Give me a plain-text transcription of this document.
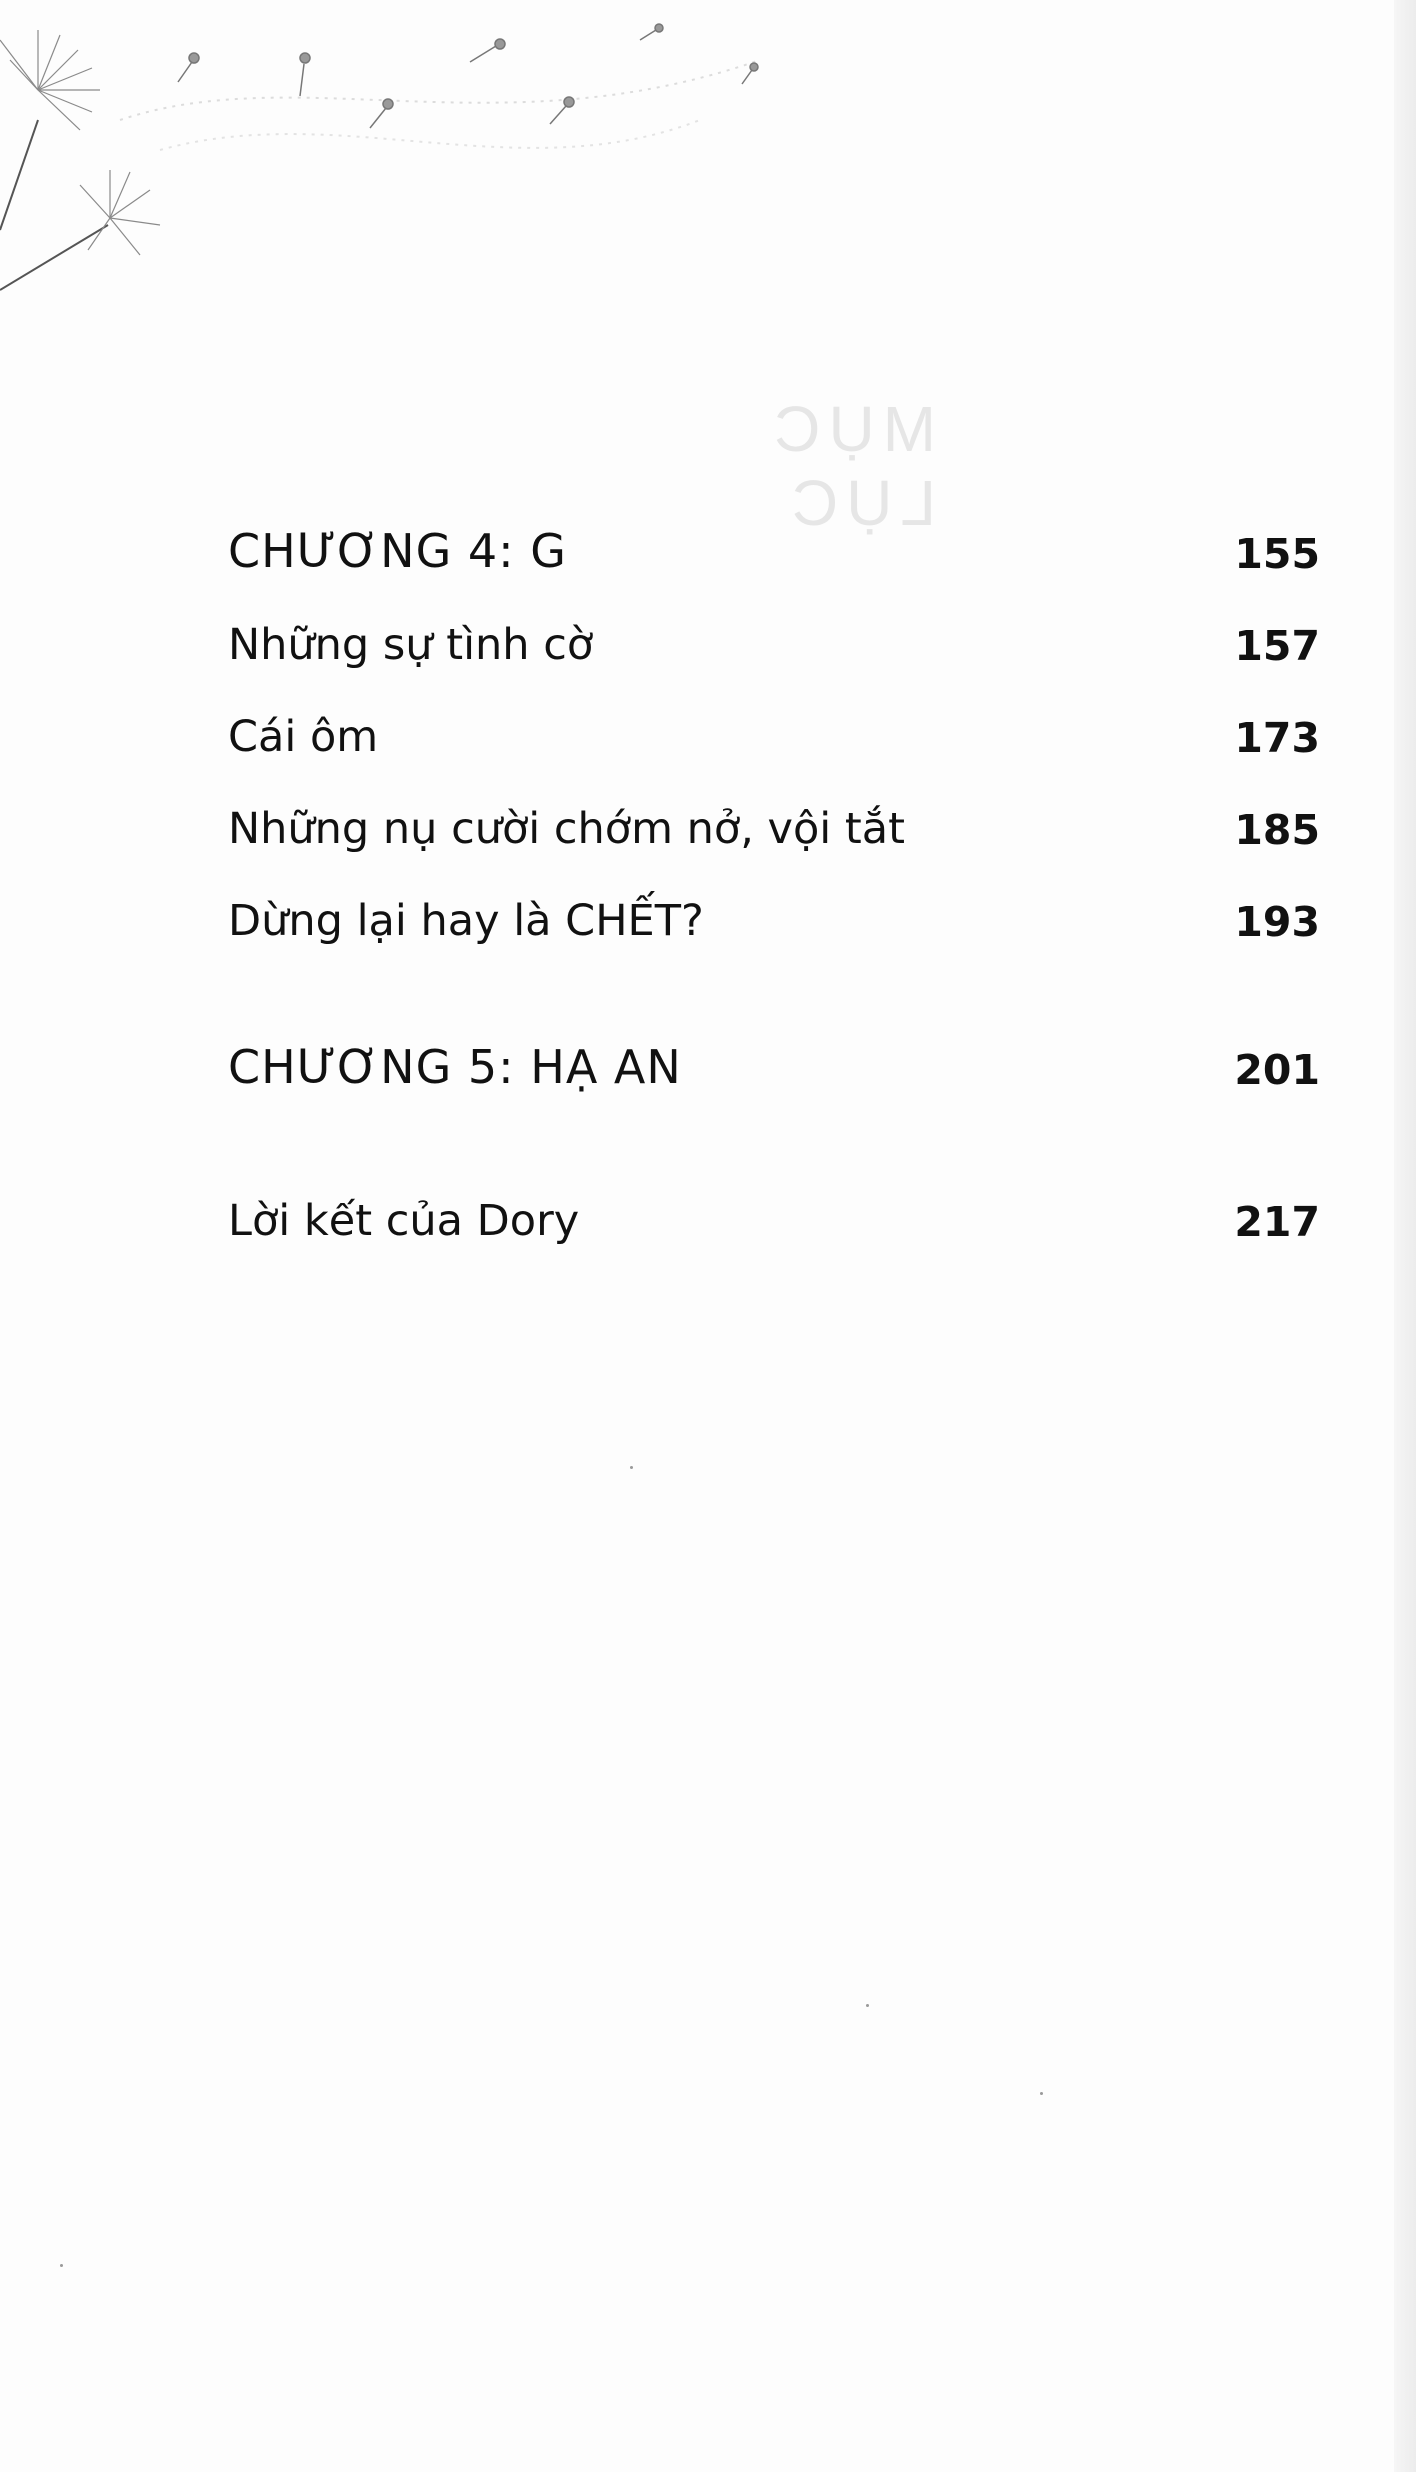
MỤC LỤC
CHƯƠNG 4: G	155
Những sự tình cờ	157
Cái ôm	173
Những nụ cười chớm nở, vội tắt	185
Dừng lại hay là CHẾT?	193
CHƯƠNG 5: HẠ AN	201
Lời kết của Dory	217
